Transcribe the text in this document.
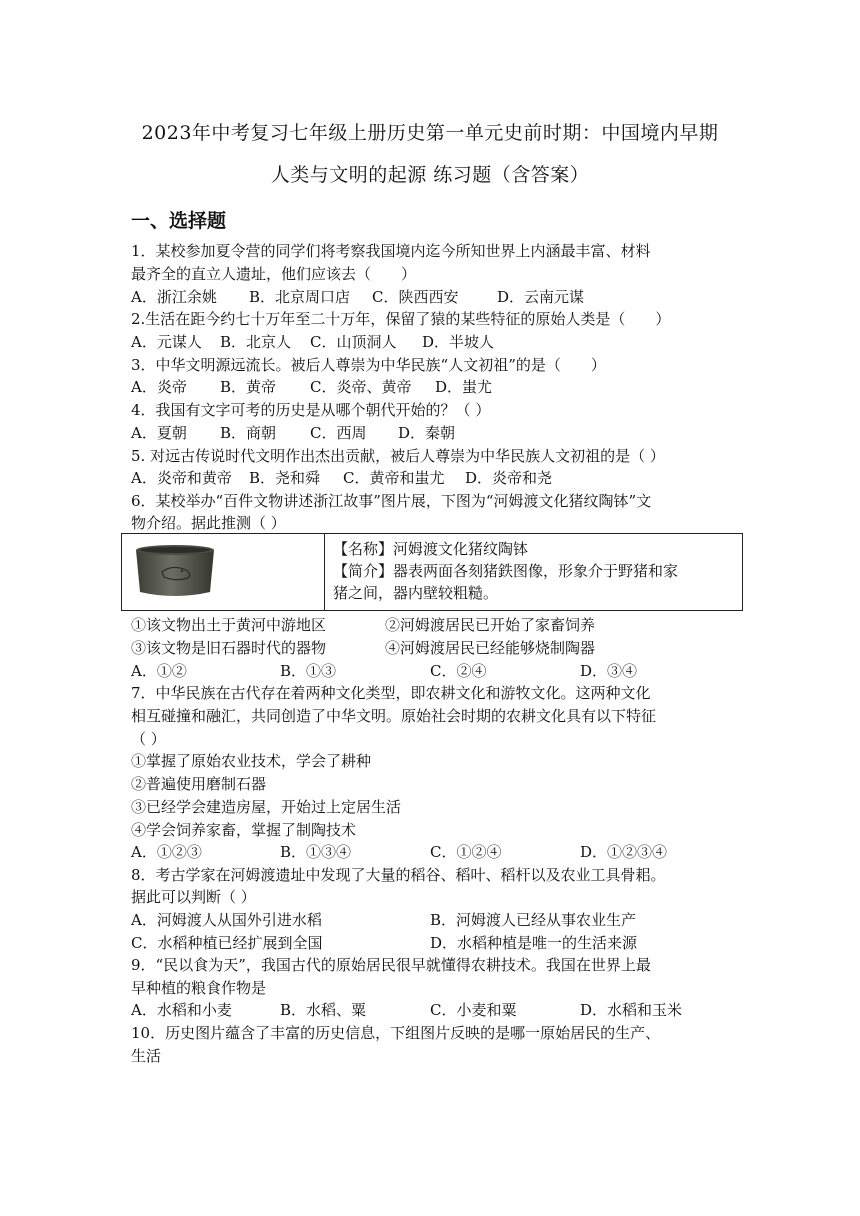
2023年中考复习七年级上册历史第一单元史前时期：中国境内早期
人类与文明的起源 练习题（含答案）
一、选择题
1．某校参加夏令营的同学们将考察我国境内迄今所知世界上内涵最丰富、材料
最齐全的直立人遗址，他们应该去（　　）
A．浙江余姚 B．北京周口店 C．陕西西安	D．云南元谋
2.生活在距今约七十万年至二十万年，保留了猿的某些特征的原始人类是（　　）
A．元谋人 B．北京人 C．山顶洞人 D．半坡人
3．中华文明源远流长。被后人尊崇为中华民族“人文初祖”的是（　　）
A．炎帝 B．黄帝 C．炎帝、黄帝 D．蚩尤
4．我国有文字可考的历史是从哪个朝代开始的？（ ）
A．夏朝 B．商朝 C．西周 D．秦朝
5. 对远古传说时代文明作出杰出贡献，被后人尊崇为中华民族人文初祖的是（ ）
A．炎帝和黄帝 B．尧和舜 C．黄帝和蚩尤 D．炎帝和尧
6．某校举办“百件文物讲述浙江故事”图片展，下图为“河姆渡文化猪纹陶钵”文
物介绍。据此推测（ ）

【名称】河姆渡文化猪纹陶钵
【简介】器表两面各刻猪鉄图像，形象介于野猪和家
猪之间，器内壁较粗糙。
①该文物出土于黄河中游地区	②河姆渡居民已开始了家畜饲养
③该文物是旧石器时代的器物	④河姆渡居民已经能够烧制陶器
A．①②	B．①③	C．②④	D．③④
7．中华民族在古代存在着两种文化类型，即农耕文化和游牧文化。这两种文化
相互碰撞和融汇，共同创造了中华文明。原始社会时期的农耕文化具有以下特征
（ ）
①掌握了原始农业技术，学会了耕种
②普遍使用磨制石器
③已经学会建造房屋，开始过上定居生活
④学会饲养家畜，掌握了制陶技术
A．①②③	B．①③④	C．①②④	D．①②③④
8．考古学家在河姆渡遗址中发现了大量的稻谷、稻叶、稻杆以及农业工具骨耜。
据此可以判断（ ）
A．河姆渡人从国外引进水稻	B．河姆渡人已经从事农业生产
C．水稻种植已经扩展到全国	D．水稻种植是唯一的生活来源
9．“民以食为天”，我国古代的原始居民很早就懂得农耕技术。我国在世界上最
早种植的粮食作物是
A．水稻和小麦	B．水稻、粟	C．小麦和粟	D．水稻和玉米
10．历史图片蕴含了丰富的历史信息，下组图片反映的是哪一原始居民的生产、
生活
